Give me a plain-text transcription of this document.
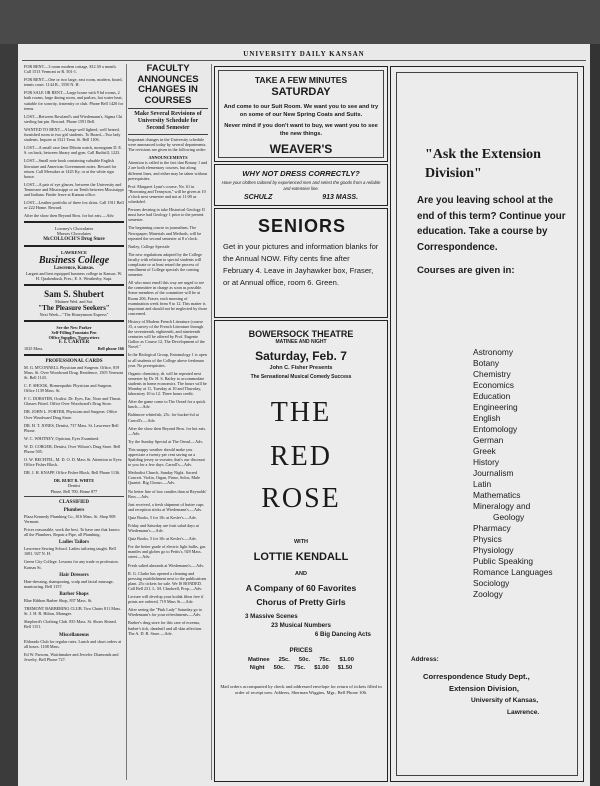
UNIVERSITY DAILY KANSAN
FOR RENT—3 room modern cottage, $12.50 a month. Call 1513 Vermont or R. 501-1.
FOR RENT—One or two large, east room, modern, board, tennis court. 1144 R., 1550 N. H.
FOR SALE OR RENT—Large house with 9 bd rooms, 2 bath rooms, large dining room, and parlors, hot water heat; suitable for sorority, fraternity or club. Phone Bell 1420 for terms.
LOST—Between Rowland's and Wiedemann's, Sigma Chi sterling hat pin. Reward. Phone 1591 Bell.
WANTED TO RENT—A large well lighted, well heated, furnished room to two girl students. To Board—Two lady students. Inquire at 1521 Tenn. St. Bell 1106.
LOST—A small case Jane Diboin watch, monogram D. E. S. on back, between library and gym. Call Rudisill, 1223.
LOST—Small note book containing valuable English literature and American Government notes. Reward for return. Call Messaker at 1425 Ky. or at the white sign house.
LOST—A pair of eye glasses, between the University and Tennessee and Mississippi or on Tenth between Mississippi and Indiana. Finder leave at Kansan office.
LOST—Leather portfolio of three fox skins. Call 1911 Bell or 222 Home. Reward.
After the show then Beyond Bros. for hot eats.—Adv.
Lowney's Chocolates
Morses Chocolates
McCOLLOCH'S Drug Store
LAWRENCE
Business College
Lawrence, Kansas.
Largest and best equipped business college in Kansas. W. H. Quakenbush, Pres.; E. S. Weatherby, Supt.
Sam S. Shubert
Matinee Wed. and Sat.
"The Pleasure Seekers"
Next Week—"The Honeymoon Express"
See the New Parker
Self-Filling Fountain Pen
Office Supplies, Typewriters
F. I. CARTER
1025 Mass.	Bell phone 166
PROFESSIONAL CARDS
M. G. M'CONNELL Physician and Surgeon. Office, 819 Mass. St. Over Woodward Drug. Residence, 1505 Vermont St. Bell 1143.
C. F. SHOOK, Homeopathic Physician and Surgeon. Office 1139 Mass. St.
F. C. DORSTER, Oculist. Dr. Eyes, Ear, Nose and Throat. Glasses Fitted. Office Over Woodward's Drug Store.
DR. JOHN L. PORTER, Physician and Surgeon. Office Over Woodward Drug Store.
DR. H. T. JONES, Dentist, 737 Mass. St. Lawrence Bell Phone.
W. C. WHITNEY, Optician, Eyes Examined.
W. D. CORGER, Dentist, Over Wilson's Drug Store. Bell Phone 505.
O. W. BECHTEL, M. D. O. D. Mass St. Attention to Eyes. Office Fisher Block.
DR. J. H. KNAPP, Office Fisher Block. Bell Phone 1136.
DR. BURT R. WHITE
Dentist
Phone, Bell 700, Home 877
CLASSIFIED
Plumbers
Plaza Kennedy Plumbing Co., 816 Mass. St. Shop 908 Vermont.
Prices reasonable, work the best. To have one that knows all the Plumbers, Repair a Pipe, all Plumbing.
Ladies Tailors
Lawrence Sewing School. Ladies tailoring taught. Bell 1081. 927 N. H.
Green City College. Lessons for any trade or profession. Kansas St.
Hair Dressers
Hair-dressing, shampooing, scalp and facial massage, manicuring. Bell 1157.
Barber Shops
Blue Ribbon Barber Shop, 837 Mass. St.
TREMONT BARBERING CLUB. Two Chairs 811 Mass. St. J. H. B. Hilton, Manager.
Shepherd's Clothing Club. 835 Mass. St. Shoes Shined. Bell 1151.
Miscellaneous
Eldorado Club for regular rates. Lunch and short orders at all hours. 1108 Mass.
Ed W. Parsons, Watchmaker and Jeweler. Diamonds and Jewelry. Bell Phone 727.
FACULTY ANNOUNCES CHANGES IN COURSES
Make Several Revisions of University Schedule for Second Semester
Important changes in the University schedule were announced today by several departments. The revisions are given in the following order:
ANNOUNCEMENTS
Attention is called to the fact that Botany 1 and 2 are both elementary courses, but along different lines, and either may be taken without prerequisites.
Prof. Margaret Lynn's course, No. 61 in "Browning and Tennyson," will be given at 10 o'clock next semester and not at 11:00 as scheduled.
Persons desiring to take Historical Geology II must have had Geology 1 prior to the present semester.
The beginning course in journalism, The Newspaper; Materials and Methods, will be repeated the second semester at 8 o'clock.
Nutley, College Speciale
The new regulations adopted by the College faculty with relation to special students will complicate or at least retard the process of enrollment of College specials the coming semester.
All who must enroll this way are urged to see the committee in charge as soon as possible. Some members of the committee will be at Room 206, Fraser, each morning of examination week from 9 to 12. This matter is important and should not be neglected by those concerned.
History of Modern French Literature (course 15, a survey of the French Literature through the seventeenth, eighteenth, and nineteenth centuries will be offered by Prof. Eugenie Galloo as Course 12, The Development of the Novel."
In the Biological Group, Entomology 1 is open to all students of the College above freshman year. No prerequisites.
Organic chemistry, dt. will be repeated next semester by Dr. H. S. Bailey to accommodate students in home economics. The hours will be Monday at 11, Tuesday at 10 and Thursday, laboratory 10 to 12. Three hours credit.
After the game come to The Oread for a quick lunch.—Adv.
Baltimore whitefish, 25c. for bucket-ful at Carroll's.—Adv.
After the show then Beyond Bros. for hot eats.—Adv.
Try the Sunday Special at The Oread.—Adv.
This snappy weather should make you appreciate a twenty per cent saving on a Spalding jersey or sweater, that's our discount to you for a few days. Carroll's—Adv.
Methodist Church, Sunday Night. Sacred Concert. Violin, Organ, Piano, Solos, Male Quartet. Big Chorus.—Adv.
No better line of box candies than at Reynolds' Bros.—Adv.
Just received, a fresh shipment of butter cups and reception sticks at Wiedemann's.—Adv.
Quiz Books, 5 for 10c at Kesler's.—Adv.
Friday and Saturday are fruit salad days at Wiedemann's.—Adv.
Quiz Books, 5 for 10c at Kesler's.—Adv.
For the better grade of electric light bulbs, gas mantles and globes go to Pettis's, 929 Mass. street.—Adv.
Fresh salted almonds at Wiedemann's.—Adv.
R. G. Clarke has opened a cleaning and pressing establishment next to the publications plant. 25c tickets for sale. We IS BONDED. Call Bell 231. L. M. Chadwell, Prop.—Adv.
Lecture will develop your kodak films free if prints are ordered, 719 Mass St.—Adv.
After seeing the "Pink Lady" Saturday go to Wiedemann's for your refreshments.—Adv.
Barber's drug store for this care of eczema, barber's itch, dandruff and all skin affection. The A. D. B. Store.—Adv.
TAKE A FEW MINUTES
SATURDAY
And come to our Suit Room. We want you to see and try on some of our New Spring Coats and Suits.
Never mind if you don't want to buy, we want you to see the new things.
WEAVER'S
WHY NOT DRESS CORRECTLY?
Have your clothes tailored by experienced men and select the goods from a reliable and extensive line.
SCHULZ	913 MASS.
SENIORS
Get in your pictures and information blanks for the Annual NOW. Fifty cents fine after February 4. Leave in Jayhawker box, Fraser, or at Annual office, room 6. Green.
BOWERSOCK THEATRE
MATINEE AND NIGHT
Saturday, Feb. 7
John C. Fisher Presents
The Sensational Musical Comedy Success
THE
RED
ROSE
WITH
LOTTIE KENDALL
AND
A Company of 60 Favorites
Chorus of Pretty Girls
3 Massive Scenes
23 Musical Numbers
6 Big Dancing Acts
PRICES
Matinee 25c. 50c. 75c. $1.00
Night 50c. 75c. $1.00 $1.50
Mail orders accompanied by check and addressed envelope for return of tickets filled in order of receipt now. Address, Sherman Wiggins, Mgr., Bell Phone 106.
"Ask the Extension Division"
Are you leaving school at the end of this term? Continue your education. Take a course by Correspondence.
Courses are given in:
Astronomy
Botany
Chemistry
Economics
Education
Engineering
English
Entomology
German
Greek
History
Journalism
Latin
Mathematics
Mineralogy and
Geology
Pharmacy
Physics
Physiology
Public Speaking
Romance Languages
Sociology
Zoology
Address:
Correspondence Study Dept.,
Extension Division,
University of Kansas,
Lawrence.
